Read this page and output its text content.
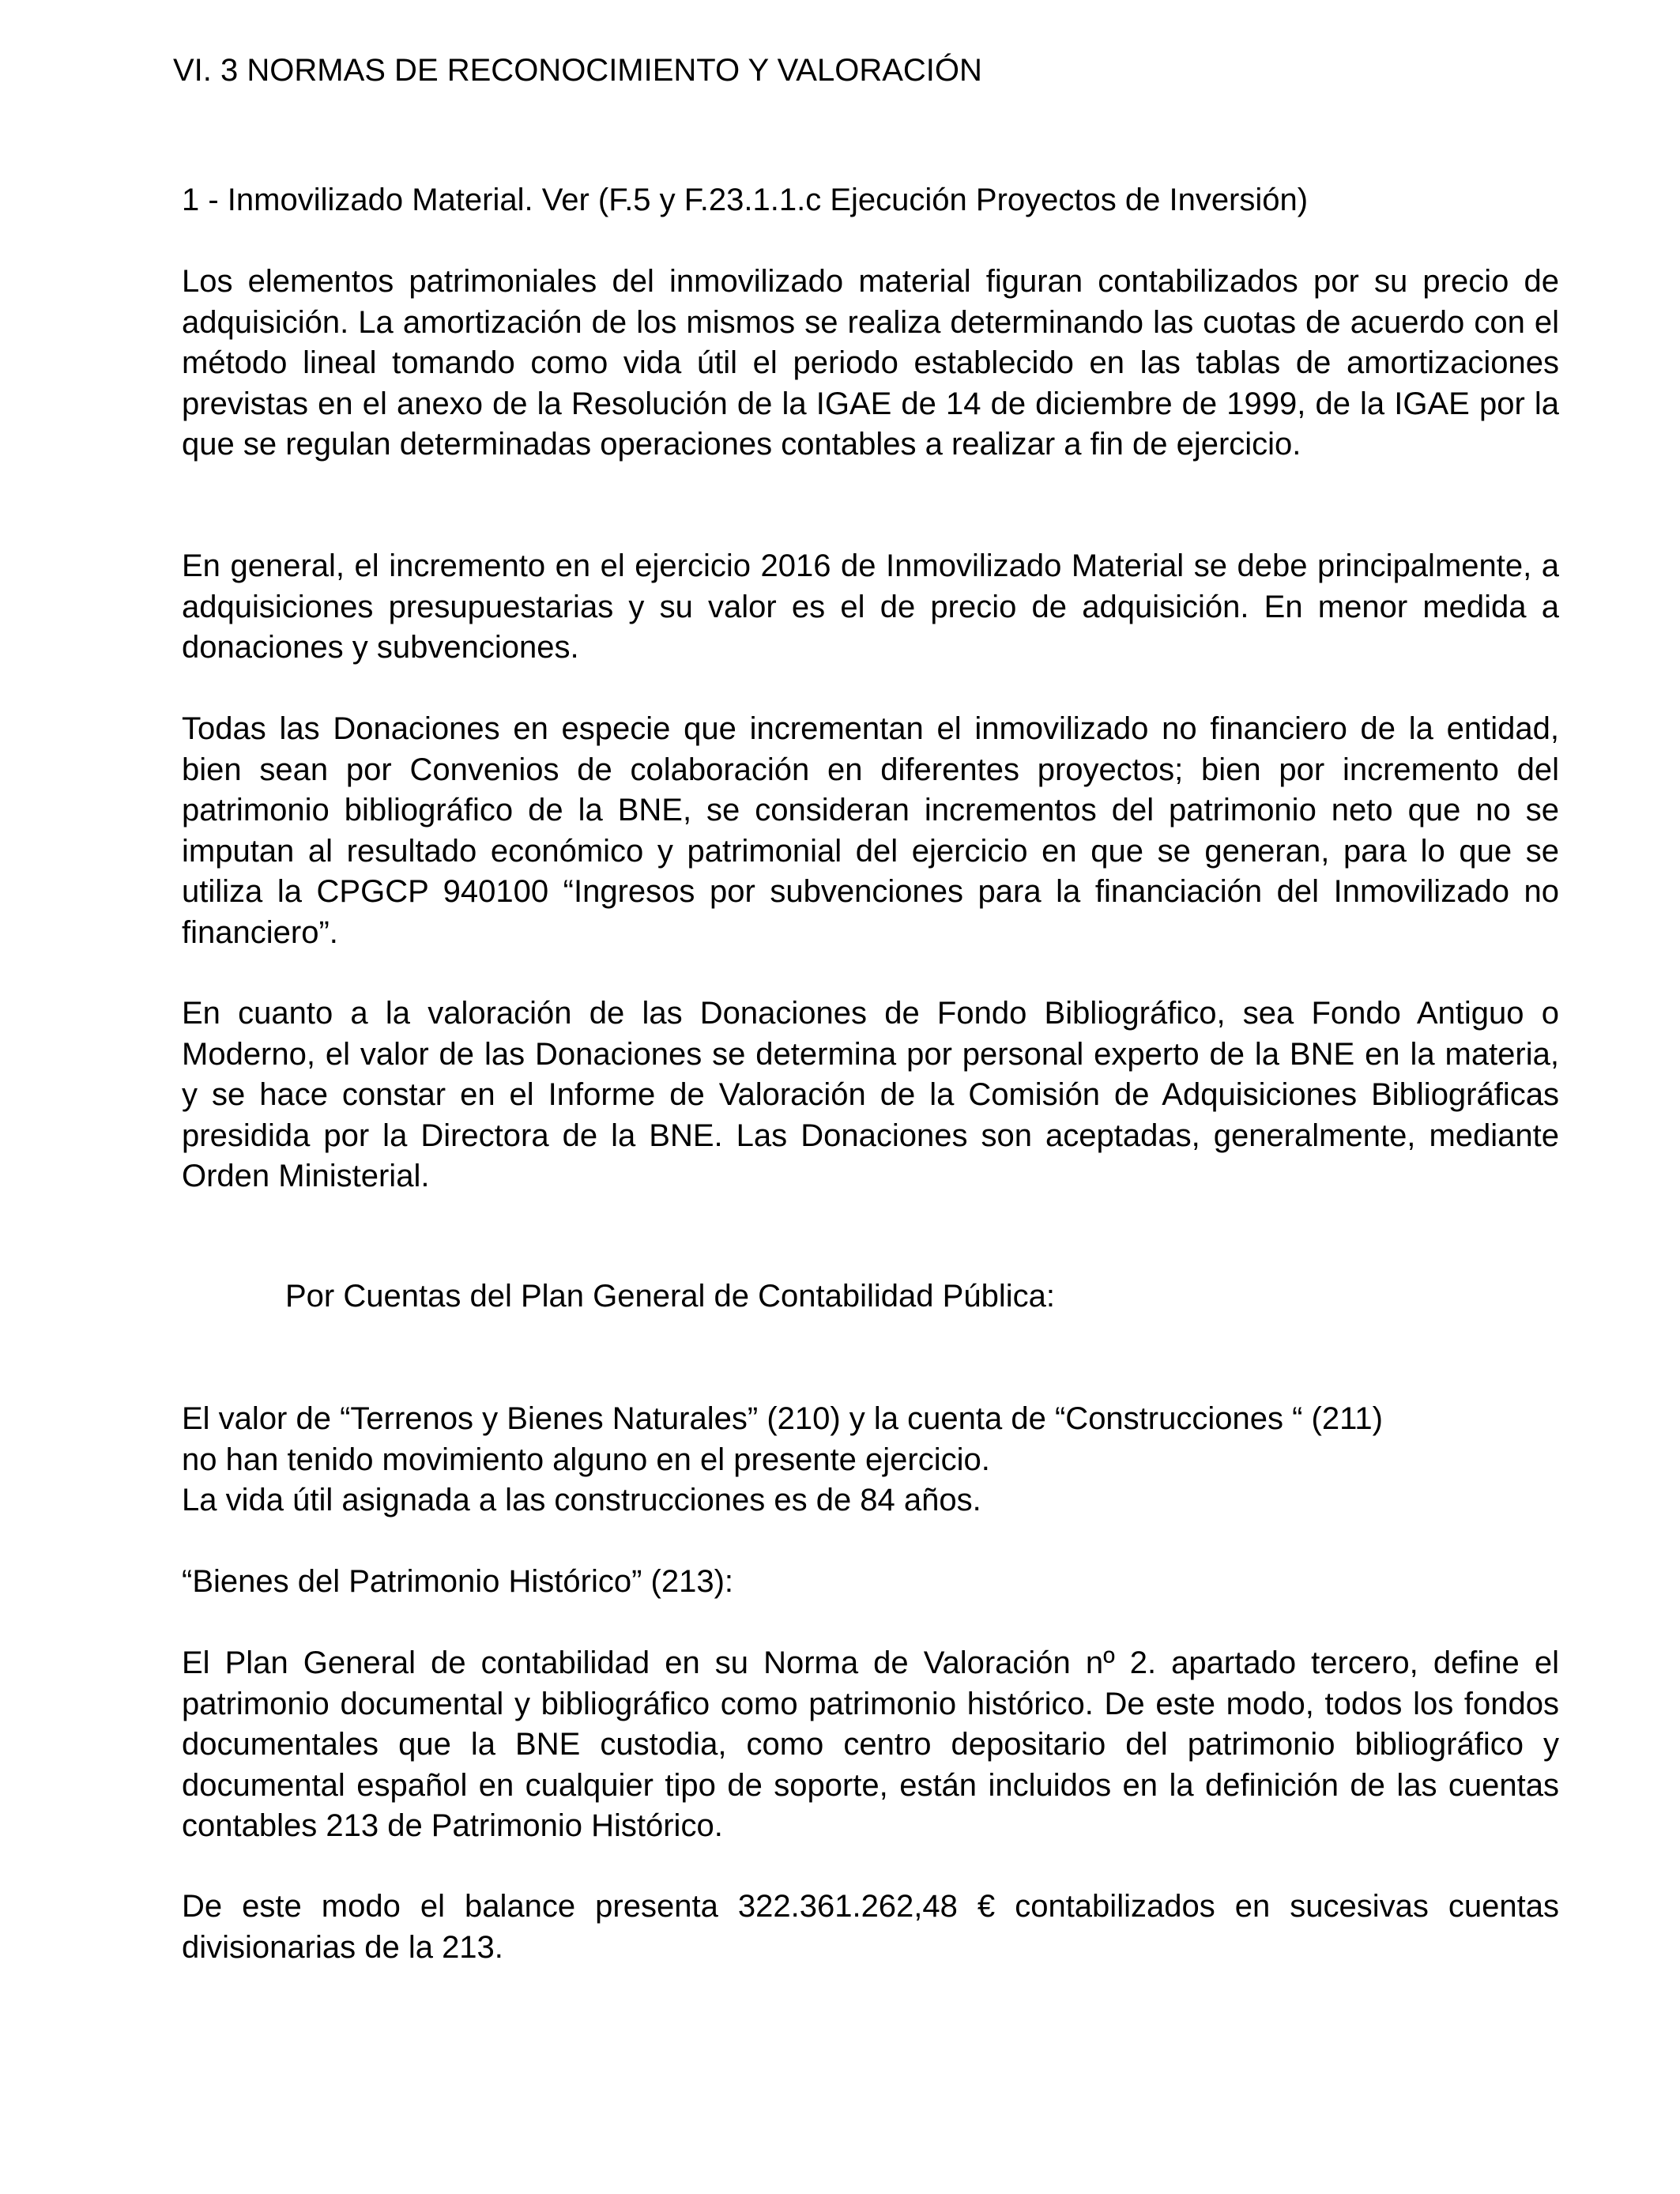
VI. 3 NORMAS DE RECONOCIMIENTO Y VALORACIÓN
1 - Inmovilizado Material. Ver (F.5 y F.23.1.1.c Ejecución Proyectos de Inversión)

Los elementos patrimoniales del inmovilizado material figuran contabilizados por su precio de adquisición. La amortización de los mismos se realiza determinando las cuotas de acuerdo con el método lineal tomando como vida útil el periodo establecido en las tablas de amortizaciones previstas en el anexo de la Resolución de la IGAE de 14 de diciembre de 1999, de la IGAE por la que se regulan determinadas operaciones contables a realizar a fin de ejercicio.

En general, el incremento en el ejercicio 2016 de Inmovilizado Material se debe principalmente, a adquisiciones presupuestarias y su valor es el de precio de adquisición. En menor medida a donaciones y subvenciones.

Todas las Donaciones en especie que incrementan el inmovilizado no financiero de la entidad, bien sean por Convenios de colaboración en diferentes proyectos; bien por incremento del patrimonio bibliográfico de la BNE, se consideran incrementos del patrimonio neto que no se imputan al resultado económico y patrimonial del ejercicio en que se generan, para lo que se utiliza la CPGCP 940100 “Ingresos por subvenciones para la financiación del Inmovilizado no financiero”.

En cuanto a la valoración de las Donaciones de Fondo Bibliográfico, sea Fondo Antiguo o Moderno, el valor de las Donaciones se determina por personal experto de la BNE en la materia, y se hace constar en el Informe de Valoración de la Comisión de Adquisiciones Bibliográficas presidida por la Directora de la BNE. Las Donaciones son aceptadas, generalmente, mediante Orden Ministerial.

Por Cuentas del Plan General de Contabilidad Pública:
El valor de “Terrenos y Bienes Naturales” (210) y la cuenta de “Construcciones “ (211)
no han tenido movimiento alguno en el presente ejercicio.
La vida útil asignada a las construcciones es de 84 años.

“Bienes del Patrimonio Histórico” (213):

El Plan General de contabilidad en su Norma de Valoración nº 2. apartado tercero, define el patrimonio documental y bibliográfico como patrimonio histórico. De este modo, todos los fondos documentales que la BNE custodia, como centro depositario del patrimonio bibliográfico y documental español en cualquier tipo de soporte, están incluidos en la definición de las cuentas contables 213 de Patrimonio Histórico.

De este modo el balance presenta 322.361.262,48 € contabilizados en sucesivas cuentas divisionarias de la 213.
